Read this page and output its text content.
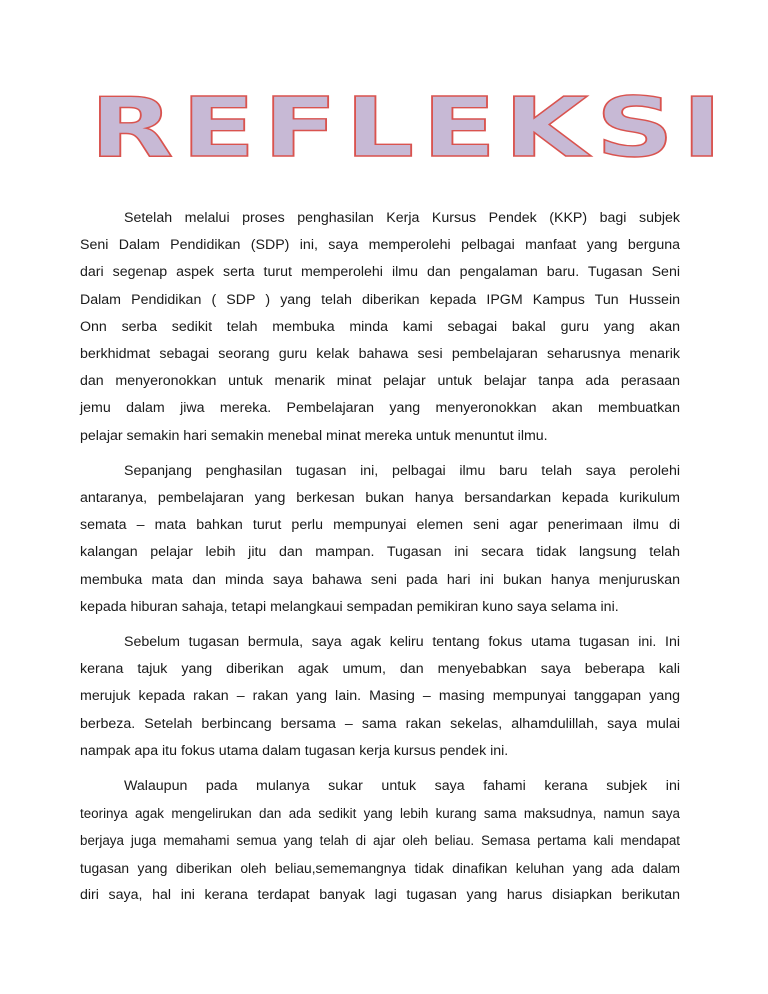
REFLEKSI
Setelah melalui proses penghasilan Kerja Kursus Pendek (KKP) bagi subjek
Seni Dalam Pendidikan (SDP) ini, saya memperolehi pelbagai manfaat yang berguna
dari segenap aspek serta turut memperolehi ilmu dan pengalaman baru. Tugasan Seni
Dalam Pendidikan ( SDP ) yang telah diberikan kepada IPGM Kampus Tun Hussein
Onn serba sedikit telah membuka minda kami sebagai bakal guru yang akan
berkhidmat sebagai seorang guru kelak bahawa sesi pembelajaran seharusnya menarik
dan menyeronokkan untuk menarik minat pelajar untuk belajar tanpa ada perasaan
jemu dalam jiwa mereka. Pembelajaran yang menyeronokkan akan membuatkan
pelajar semakin hari semakin menebal minat mereka untuk menuntut ilmu.
Sepanjang penghasilan tugasan ini, pelbagai ilmu baru telah saya perolehi
antaranya, pembelajaran yang berkesan bukan hanya bersandarkan kepada kurikulum
semata – mata bahkan turut perlu mempunyai elemen seni agar penerimaan ilmu di
kalangan pelajar lebih jitu dan mampan. Tugasan ini secara tidak langsung telah
membuka mata dan minda saya bahawa seni pada hari ini bukan hanya menjuruskan
kepada hiburan sahaja, tetapi melangkaui sempadan pemikiran kuno saya selama ini.
Sebelum tugasan bermula, saya agak keliru tentang fokus utama tugasan ini. Ini
kerana tajuk yang diberikan agak umum, dan menyebabkan saya beberapa kali
merujuk kepada rakan – rakan yang lain. Masing – masing mempunyai tanggapan yang
berbeza. Setelah berbincang bersama – sama rakan sekelas, alhamdulillah, saya mulai
nampak apa itu fokus utama dalam tugasan kerja kursus pendek ini.
Walaupun pada mulanya sukar untuk saya fahami kerana subjek ini
teorinya agak mengelirukan dan ada sedikit yang lebih kurang sama maksudnya, namun saya
berjaya juga memahami semua yang telah di ajar oleh beliau. Semasa pertama kali mendapat
tugasan yang diberikan oleh beliau,sememangnya tidak dinafikan keluhan yang ada dalam
diri saya, hal ini kerana terdapat banyak lagi tugasan yang harus disiapkan berikutan
